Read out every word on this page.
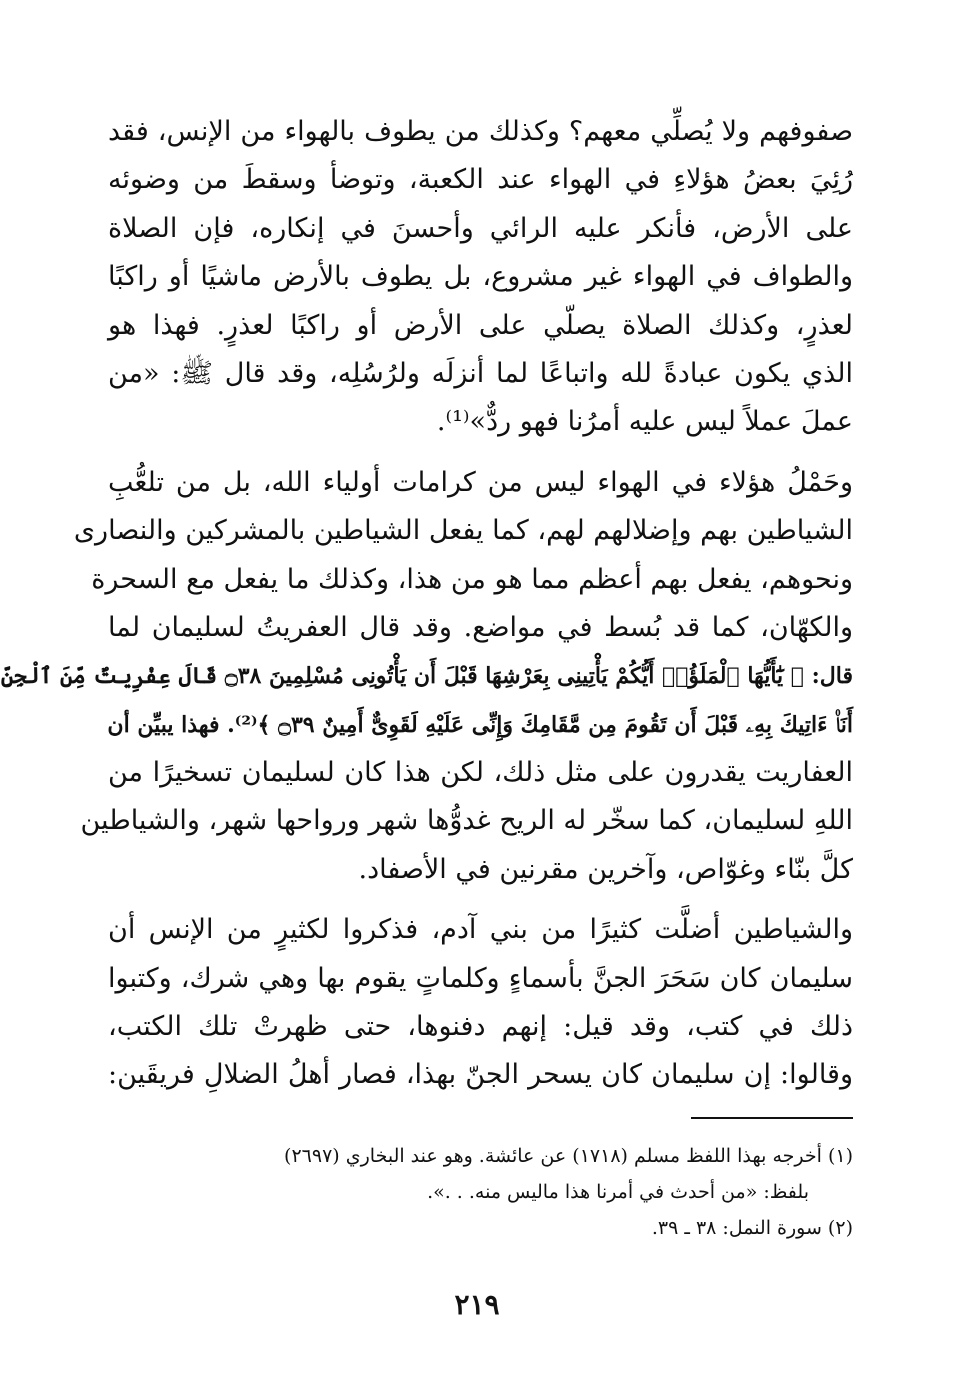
صفوفهم ولا يُصلِّي معهم؟ وكذلك من يطوف بالهواء من الإنس، فقد
رُئِيَ بعضُ هؤلاءِ في الهواء عند الكعبة، وتوضأ وسقطَ من وضوئه
على الأرض، فأنكر عليه الرائي وأحسنَ في إنكاره، فإن الصلاة
والطواف في الهواء غير مشروع، بل يطوف بالأرض ماشيًا أو راكبًا
لعذرٍ، وكذلك الصلاة يصلّي على الأرض أو راكبًا لعذرٍ. فهذا هو
الذي يكون عبادةً لله واتباعًا لما أنزلَه ولرُسُلِه، وقد قال ﷺ: «من
عملَ عملاً ليس عليه أمرُنا فهو ردٌّ»⁽¹⁾.
وحَمْلُ هؤلاء في الهواء ليس من كرامات أولياء الله، بل من تلعُّبِ
الشياطين بهم وإضلالهم لهم، كما يفعل الشياطين بالمشركين والنصارى
ونحوهم، يفعل بهم أعظم مما هو من هذا، وكذلك ما يفعل مع السحرة
والكهّان، كما قد بُسط في مواضع. وقد قال العفريتُ لسليمان لما
قال: ﴿ يَٰٓأَيُّهَا ٱلْمَلَؤُا۟ أَيُّكُمْ يَأْتِينِى بِعَرْشِهَا قَبْلَ أَن يَأْتُونِى مُسْلِمِينَ ۝٣٨ قَالَ عِفْرِيتٌ مِّنَ ٱلْجِنِّ
أَنَا۠ ءَاتِيكَ بِهِۦ قَبْلَ أَن تَقُومَ مِن مَّقَامِكَ وَإِنِّى عَلَيْهِ لَقَوِىٌّ أَمِينٌ ۝٣٩ ﴾⁽²⁾. فهذا يبيِّن أن
العفاريت يقدرون على مثل ذلك، لكن هذا كان لسليمان تسخيرًا من
اللهِ لسليمان، كما سخّر له الريح غدوُّها شهر ورواحها شهر، والشياطين
كلَّ بنّاء وغوّاص، وآخرين مقرنين في الأصفاد.
والشياطين أضلَّت كثيرًا من بني آدم، فذكروا لكثيرٍ من الإنس أن
سليمان كان سَحَرَ الجنَّ بأسماءٍ وكلماتٍ يقوم بها وهي شرك، وكتبوا
ذلك في كتب، وقد قيل: إنهم دفنوها، حتى ظهرتْ تلك الكتب،
وقالوا: إن سليمان كان يسحر الجنّ بهذا، فصار أهلُ الضلالِ فريقَين:
(١) أخرجه بهذا اللفظ مسلم (١٧١٨) عن عائشة. وهو عند البخاري (٢٦٩٧)
بلفظ: «من أحدث في أمرنا هذا ماليس منه. . .».
(٢) سورة النمل: ٣٨ ـ ٣٩.
٢١٩
